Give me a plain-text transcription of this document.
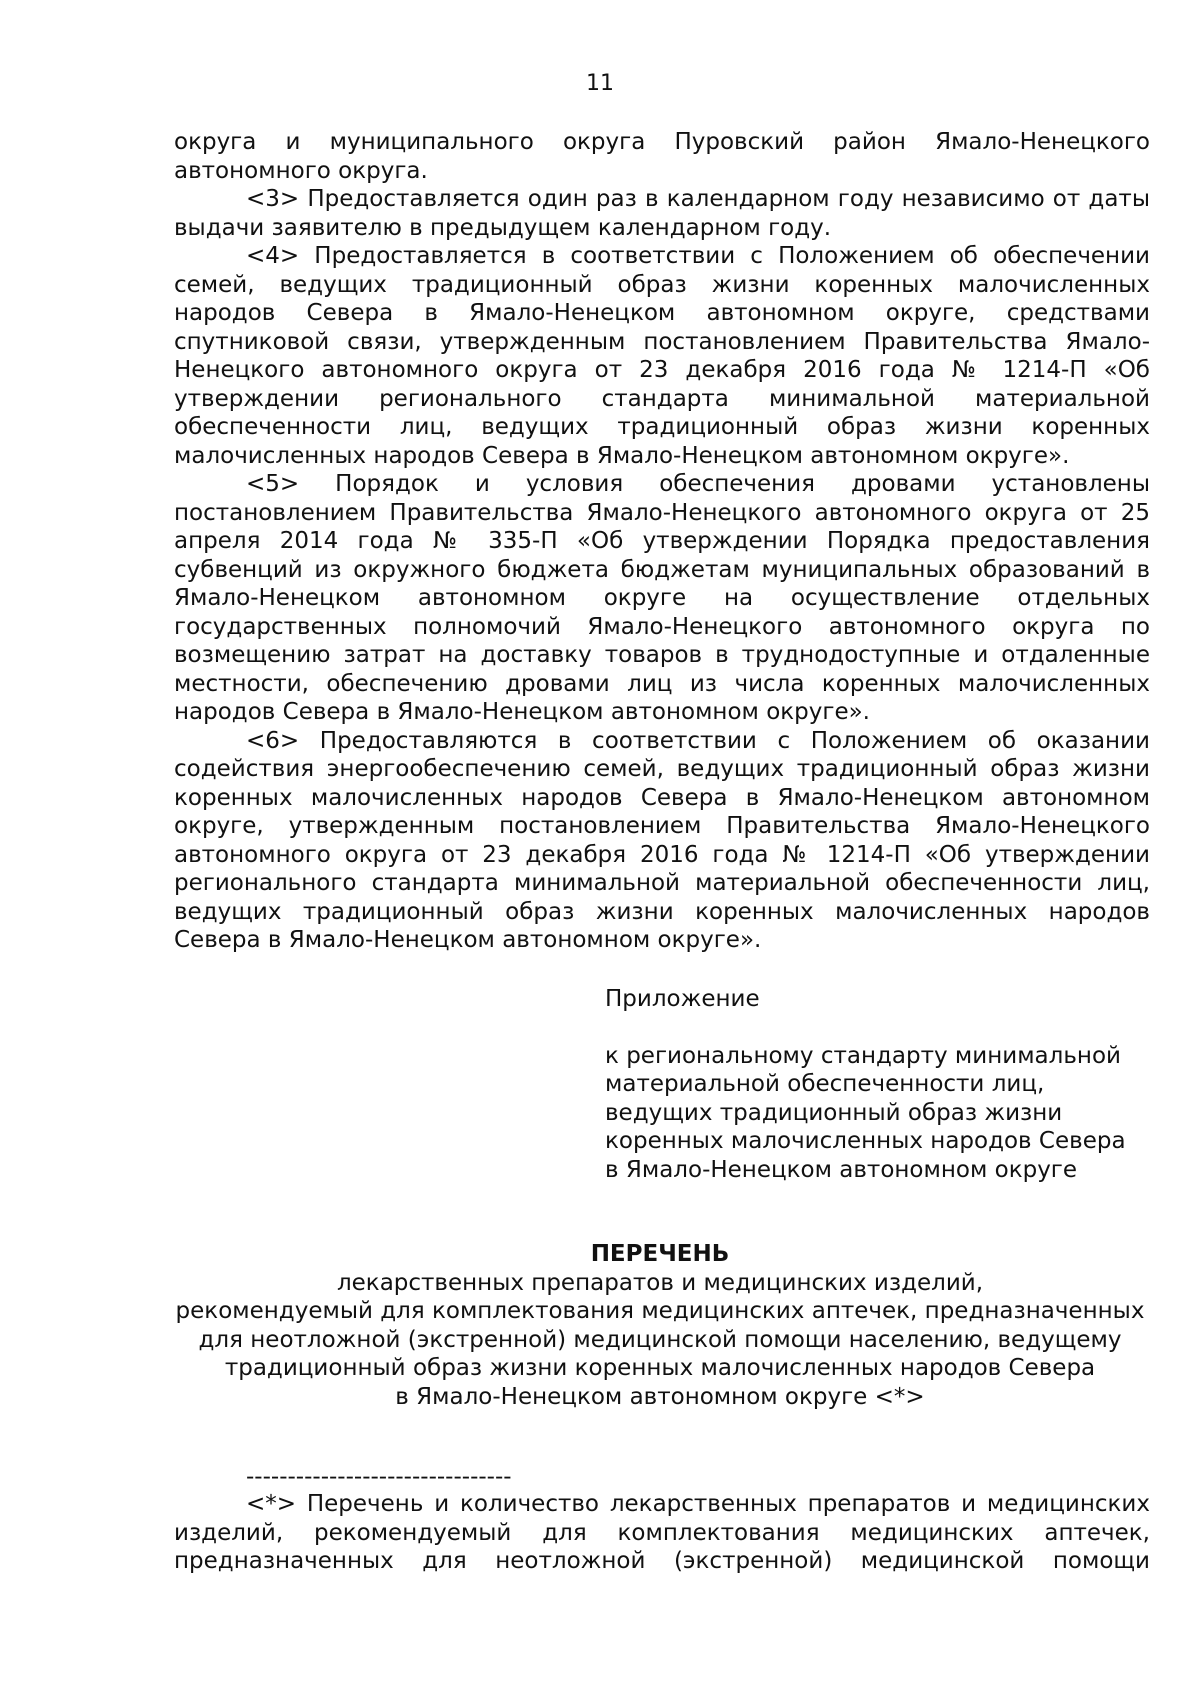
11

округа и муниципального округа Пуровский район Ямало-Ненецкого автономного округа.

<3> Предоставляется один раз в календарном году независимо от даты выдачи заявителю в предыдущем календарном году.

<4> Предоставляется в соответствии с Положением об обеспечении семей, ведущих традиционный образ жизни коренных малочисленных народов Севера в Ямало-Ненецком автономном округе, средствами спутниковой связи, утвержденным постановлением Правительства Ямало-Ненецкого автономного округа от 23 декабря 2016 года № 1214-П «Об утверждении регионального стандарта минимальной материальной обеспеченности лиц, ведущих традиционный образ жизни коренных малочисленных народов Севера в Ямало-Ненецком автономном округе».

<5> Порядок и условия обеспечения дровами установлены постановлением Правительства Ямало-Ненецкого автономного округа от 25 апреля 2014 года № 335-П «Об утверждении Порядка предоставления субвенций из окружного бюджета бюджетам муниципальных образований в Ямало-Ненецком автономном округе на осуществление отдельных государственных полномочий Ямало-Ненецкого автономного округа по возмещению затрат на доставку товаров в труднодоступные и отдаленные местности, обеспечению дровами лиц из числа коренных малочисленных народов Севера в Ямало-Ненецком автономном округе».

<6> Предоставляются в соответствии с Положением об оказании содействия энергообеспечению семей, ведущих традиционный образ жизни коренных малочисленных народов Севера в Ямало-Ненецком автономном округе, утвержденным постановлением Правительства Ямало-Ненецкого автономного округа от 23 декабря 2016 года № 1214-П «Об утверждении регионального стандарта минимальной материальной обеспеченности лиц, ведущих традиционный образ жизни коренных малочисленных народов Севера в Ямало-Ненецком автономном округе».

Приложение

к региональному стандарту минимальной

материальной обеспеченности лиц,

ведущих традиционный образ жизни

коренных малочисленных народов Севера

в Ямало-Ненецком автономном округе

ПЕРЕЧЕНЬ

лекарственных препаратов и медицинских изделий,

рекомендуемый для комплектования медицинских аптечек, предназначенных

для неотложной (экстренной) медицинской помощи населению, ведущему

традиционный образ жизни коренных малочисленных народов Севера

в Ямало-Ненецком автономном округе <*>

--------------------------------

<*> Перечень и количество лекарственных препаратов и медицинских изделий, рекомендуемый для комплектования медицинских аптечек, предназначенных для неотложной (экстренной) медицинской помощи
